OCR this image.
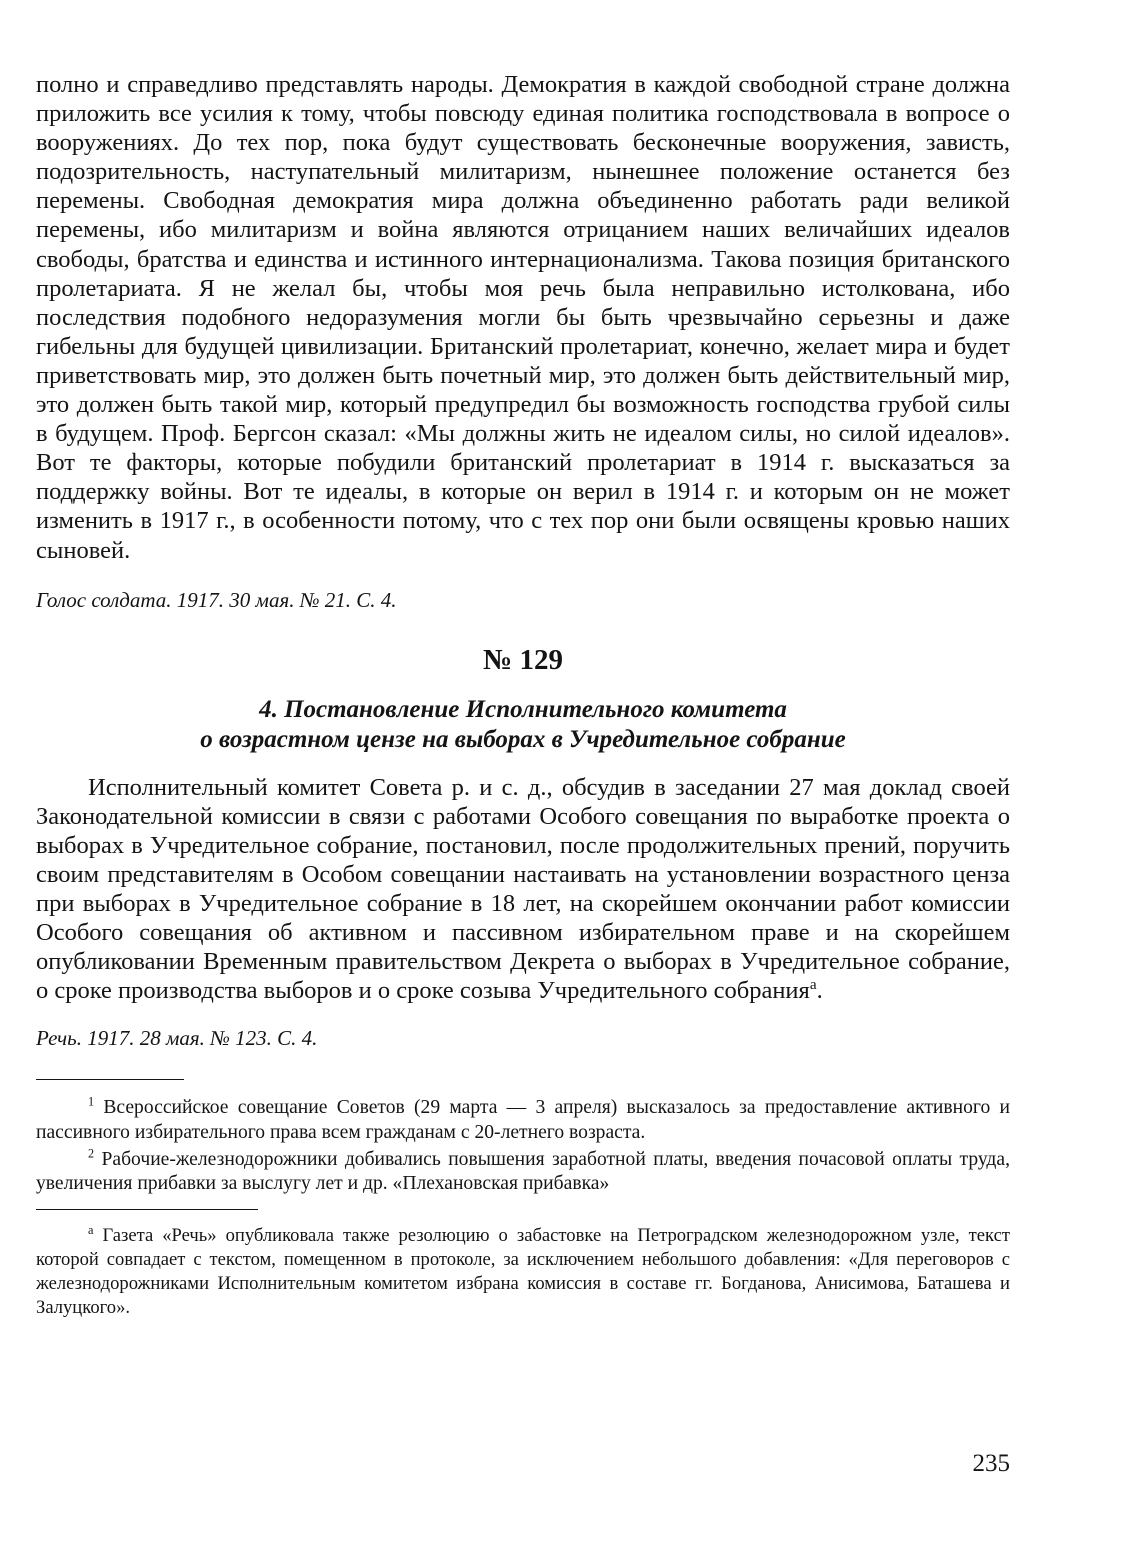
полно и справедливо представлять народы. Демократия в каждой свободной стране должна приложить все усилия к тому, чтобы повсюду единая политика господствовала в вопросе о вооружениях. До тех пор, пока будут существовать бесконечные вооружения, зависть, подозрительность, наступательный милитаризм, нынешнее положение останется без перемены. Свободная демократия мира должна объединенно работать ради великой перемены, ибо милитаризм и война являются отрицанием наших величайших идеалов свободы, братства и единства и истинного интернационализма. Такова позиция британского пролетариата. Я не желал бы, чтобы моя речь была неправильно истолкована, ибо последствия подобного недоразумения могли бы быть чрезвычайно серьезны и даже гибельны для будущей цивилизации. Британский пролетариат, конечно, желает мира и будет приветствовать мир, это должен быть почетный мир, это должен быть действительный мир, это должен быть такой мир, который предупредил бы возможность господства грубой силы в будущем. Проф. Бергсон сказал: «Мы должны жить не идеалом силы, но силой идеалов». Вот те факторы, которые побудили британский пролетариат в 1914 г. высказаться за поддержку войны. Вот те идеалы, в которые он верил в 1914 г. и которым он не может изменить в 1917 г., в особенности потому, что с тех пор они были освящены кровью наших сыновей.

Голос солдата. 1917. 30 мая. № 21. С. 4.

№ 129
4. Постановление Исполнительного комитета
о возрастном цензе на выборах в Учредительное собрание

Исполнительный комитет Совета р. и с. д., обсудив в заседании 27 мая доклад своей Законодательной комиссии в связи с работами Особого совещания по выработке проекта о выборах в Учредительное собрание, постановил, после продолжительных прений, поручить своим представителям в Особом совещании настаивать на установлении возрастного ценза при выборах в Учредительное собрание в 18 лет, на скорейшем окончании работ комиссии Особого совещания об активном и пассивном избирательном праве и на скорейшем опубликовании Временным правительством Декрета о выборах в Учредительное собрание, о сроке производства выборов и о сроке созыва Учредительного собрания$^а$.

Речь. 1917. 28 мая. № 123. С. 4.

$^1$ Всероссийское совещание Советов (29 марта — 3 апреля) высказалось за предоставление активного и пассивного избирательного права всем гражданам с 20-летнего возраста.

$^2$ Рабочие-железнодорожники добивались повышения заработной платы, введения почасовой оплаты труда, увеличения прибавки за выслугу лет и др. «Плехановская прибавка»

$^а$ Газета «Речь» опубликовала также резолюцию о забастовке на Петроградском железнодорожном узле, текст которой совпадает с текстом, помещенном в протоколе, за исключением небольшого добавления: «Для переговоров с железнодорожниками Исполнительным комитетом избрана комиссия в составе гг. Богданова, Анисимова, Баташева и Залуцкого».

235
